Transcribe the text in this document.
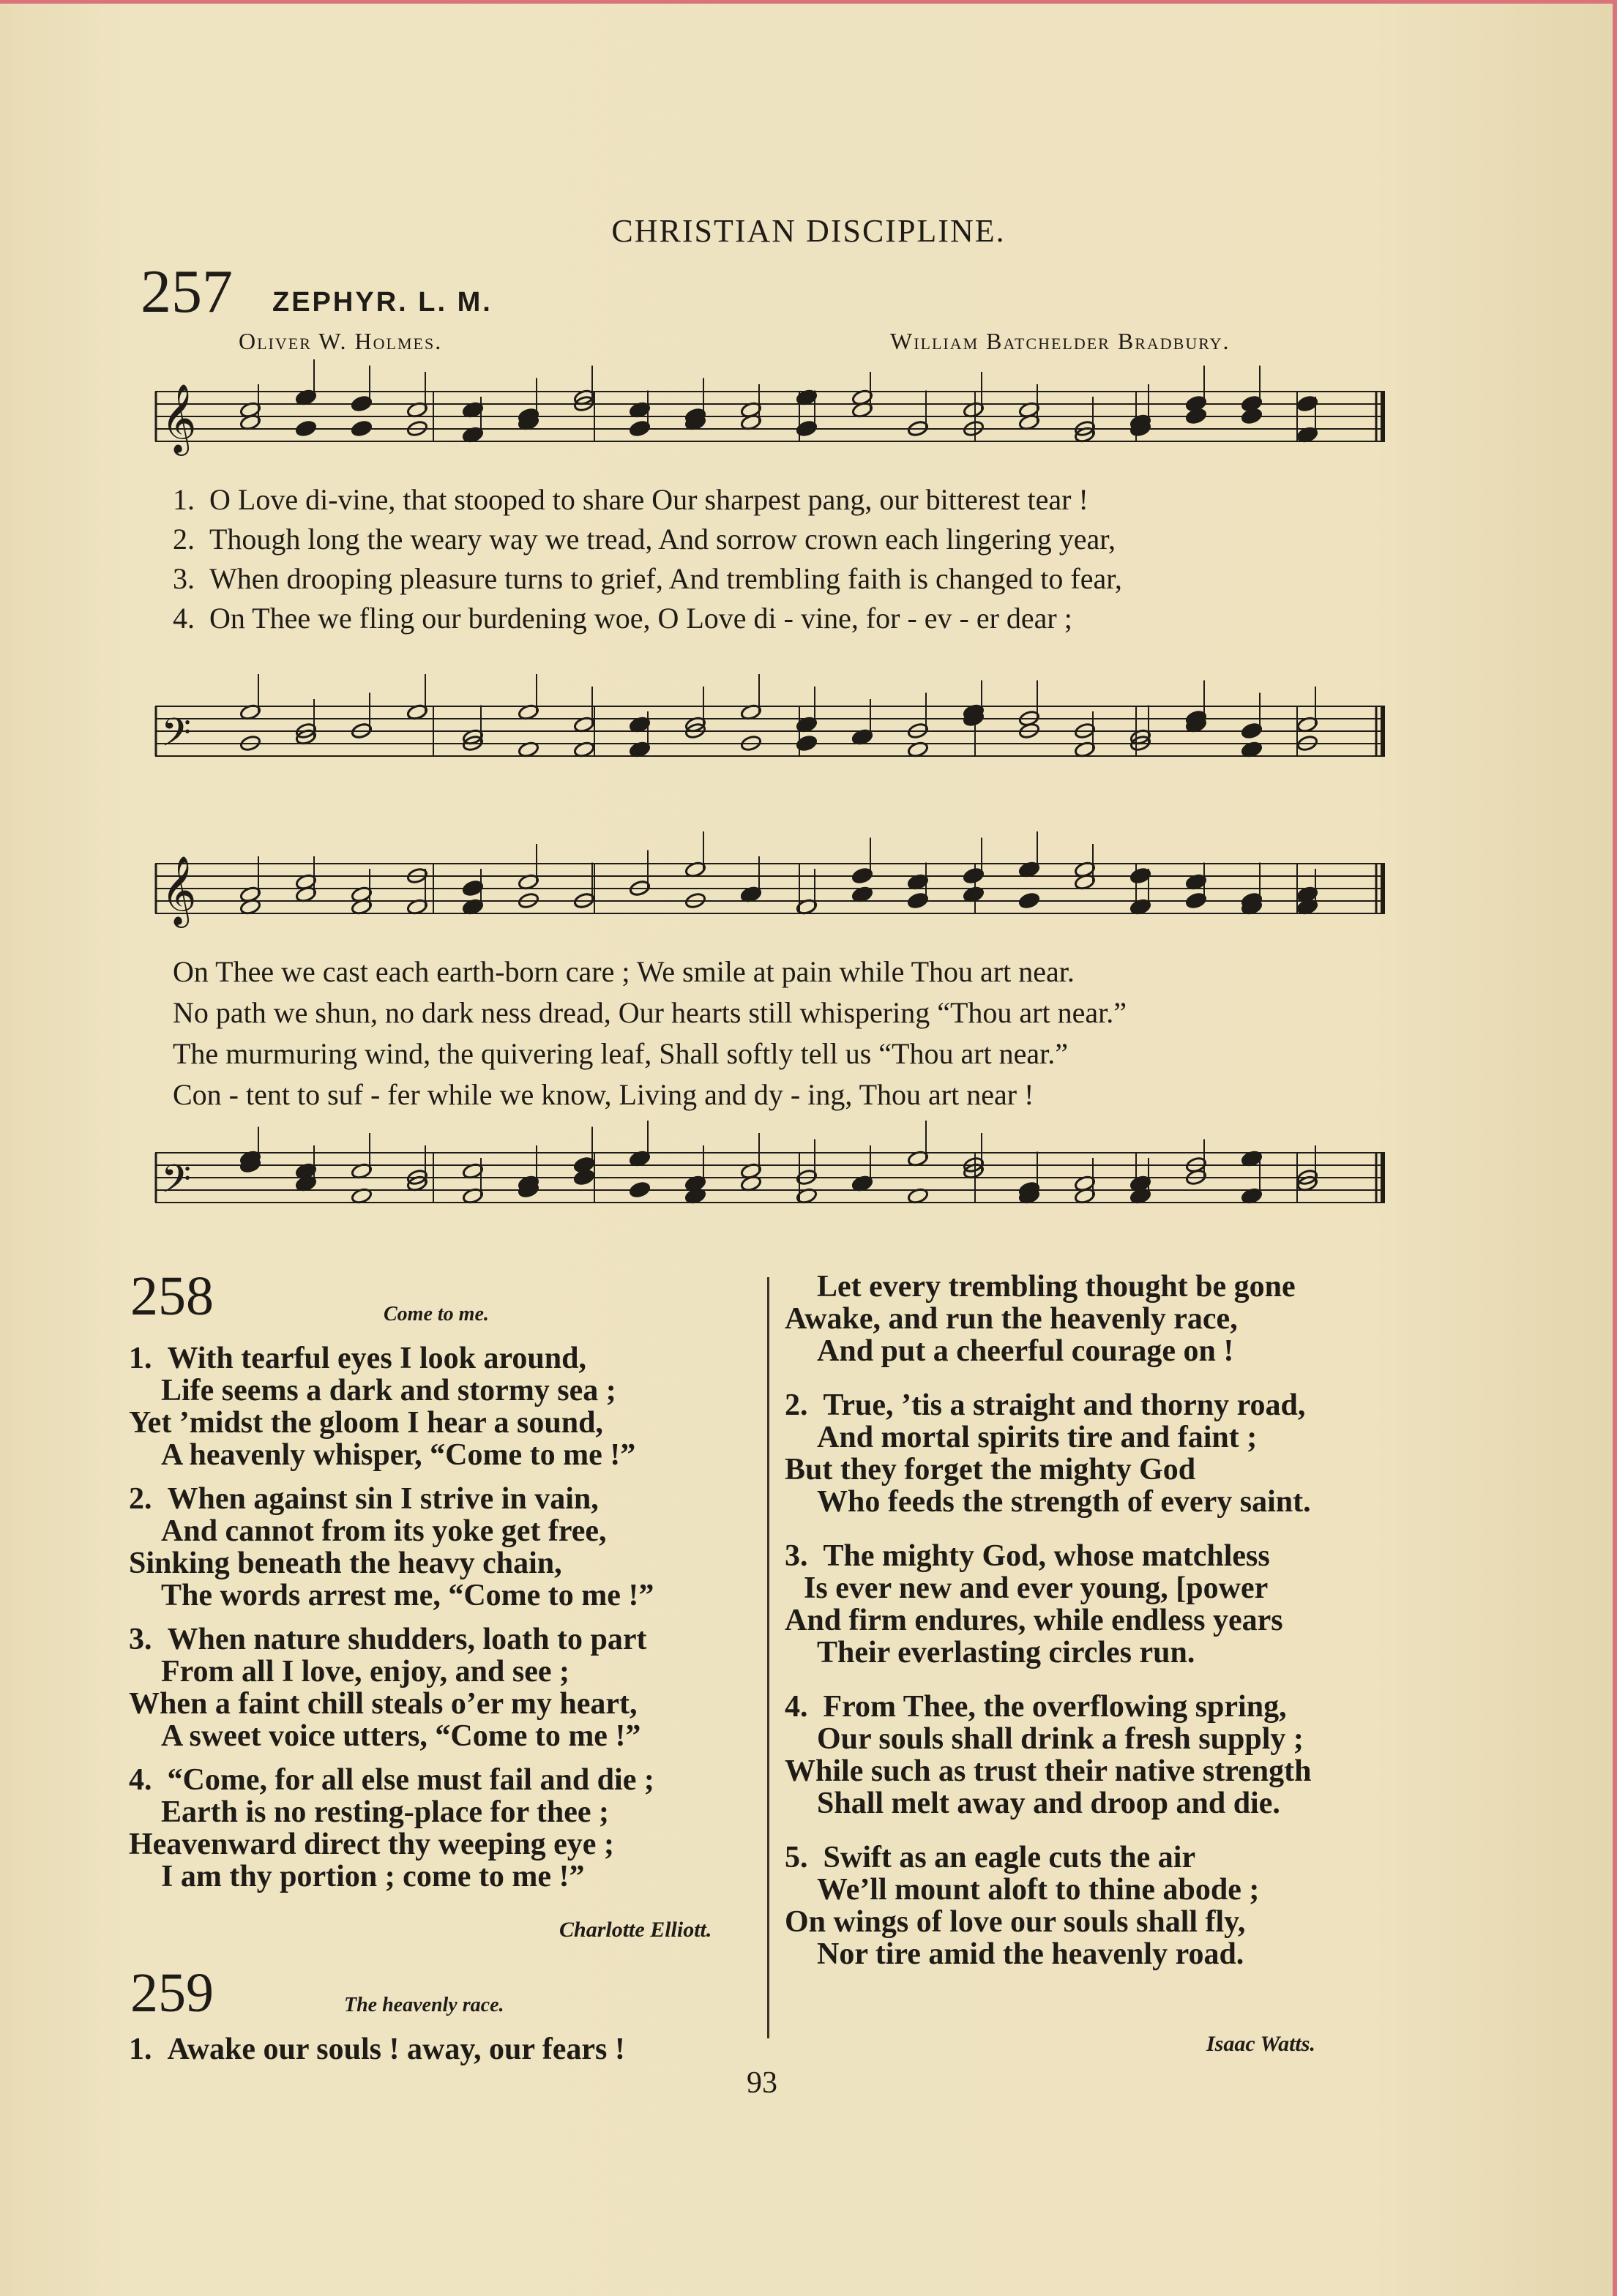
CHRISTIAN DISCIPLINE.
257 ZEPHYR. L. M.
Oliver W. Holmes.	William Batchelder Bradbury.
𝄞
1. O Love di-vine, that stooped to share Our sharpest pang, our bitterest tear !
2. Though long the weary way we tread, And sorrow crown each lingering year,
3. When drooping pleasure turns to grief, And trembling faith is changed to fear,
4. On Thee we fling our burdening woe, O Love di - vine, for - ev - er dear ;
𝄢
𝄞
On Thee we cast each earth-born care ; We smile at pain while Thou art near.
No path we shun, no dark ness dread, Our hearts still whispering “Thou art near.”
The murmuring wind, the quivering leaf, Shall softly tell us “Thou art near.”
Con - tent to suf - fer while we know, Living and dy - ing, Thou art near !
𝄢
258	Come to me.
1. With tearful eyes I look around,
Life seems a dark and stormy sea ;
Yet ’midst the gloom I hear a sound,
A heavenly whisper, “Come to me !”
2. When against sin I strive in vain,
And cannot from its yoke get free,
Sinking beneath the heavy chain,
The words arrest me, “Come to me !”
3. When nature shudders, loath to part
From all I love, enjoy, and see ;
When a faint chill steals o’er my heart,
A sweet voice utters, “Come to me !”
4. “Come, for all else must fail and die ;
Earth is no resting-place for thee ;
Heavenward direct thy weeping eye ;
I am thy portion ; come to me !”
Charlotte Elliott.
259	The heavenly race.
1. Awake our souls ! away, our fears !
Let every trembling thought be gone
Awake, and run the heavenly race,
And put a cheerful courage on !
2. True, ’tis a straight and thorny road,
And mortal spirits tire and faint ;
But they forget the mighty God
Who feeds the strength of every saint.
3. The mighty God, whose matchless
Is ever new and ever young, [power
And firm endures, while endless years
Their everlasting circles run.
4. From Thee, the overflowing spring,
Our souls shall drink a fresh supply ;
While such as trust their native strength
Shall melt away and droop and die.
5. Swift as an eagle cuts the air
We’ll mount aloft to thine abode ;
On wings of love our souls shall fly,
Nor tire amid the heavenly road.
Isaac Watts.
93
